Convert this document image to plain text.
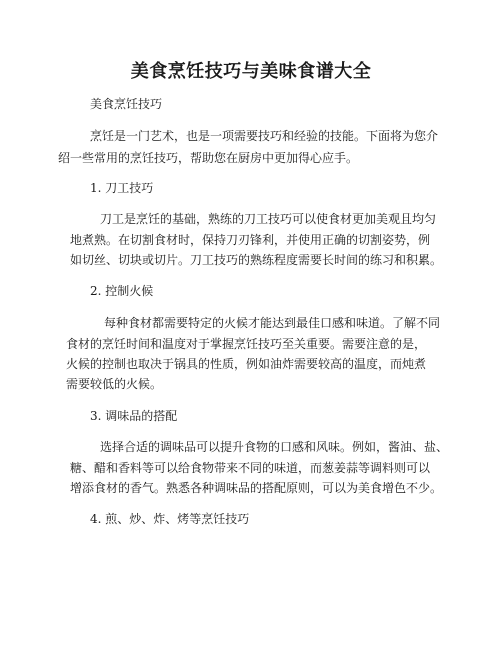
美食烹饪技巧与美味食谱大全
美食烹饪技巧
烹饪是一门艺术，也是一项需要技巧和经验的技能。下面将为您介
绍一些常用的烹饪技巧，帮助您在厨房中更加得心应手。
1. 刀工技巧
刀工是烹饪的基础，熟练的刀工技巧可以使食材更加美观且均匀
地煮熟。在切割食材时，保持刀刃锋利，并使用正确的切割姿势，例
如切丝、切块或切片。刀工技巧的熟练程度需要长时间的练习和积累。
2. 控制火候
每种食材都需要特定的火候才能达到最佳口感和味道。了解不同
食材的烹饪时间和温度对于掌握烹饪技巧至关重要。需要注意的是，
火候的控制也取决于锅具的性质，例如油炸需要较高的温度，而炖煮
需要较低的火候。
3. 调味品的搭配
选择合适的调味品可以提升食物的口感和风味。例如，酱油、盐、
糖、醋和香料等可以给食物带来不同的味道，而葱姜蒜等调料则可以
增添食材的香气。熟悉各种调味品的搭配原则，可以为美食增色不少。
4. 煎、炒、炸、烤等烹饪技巧
